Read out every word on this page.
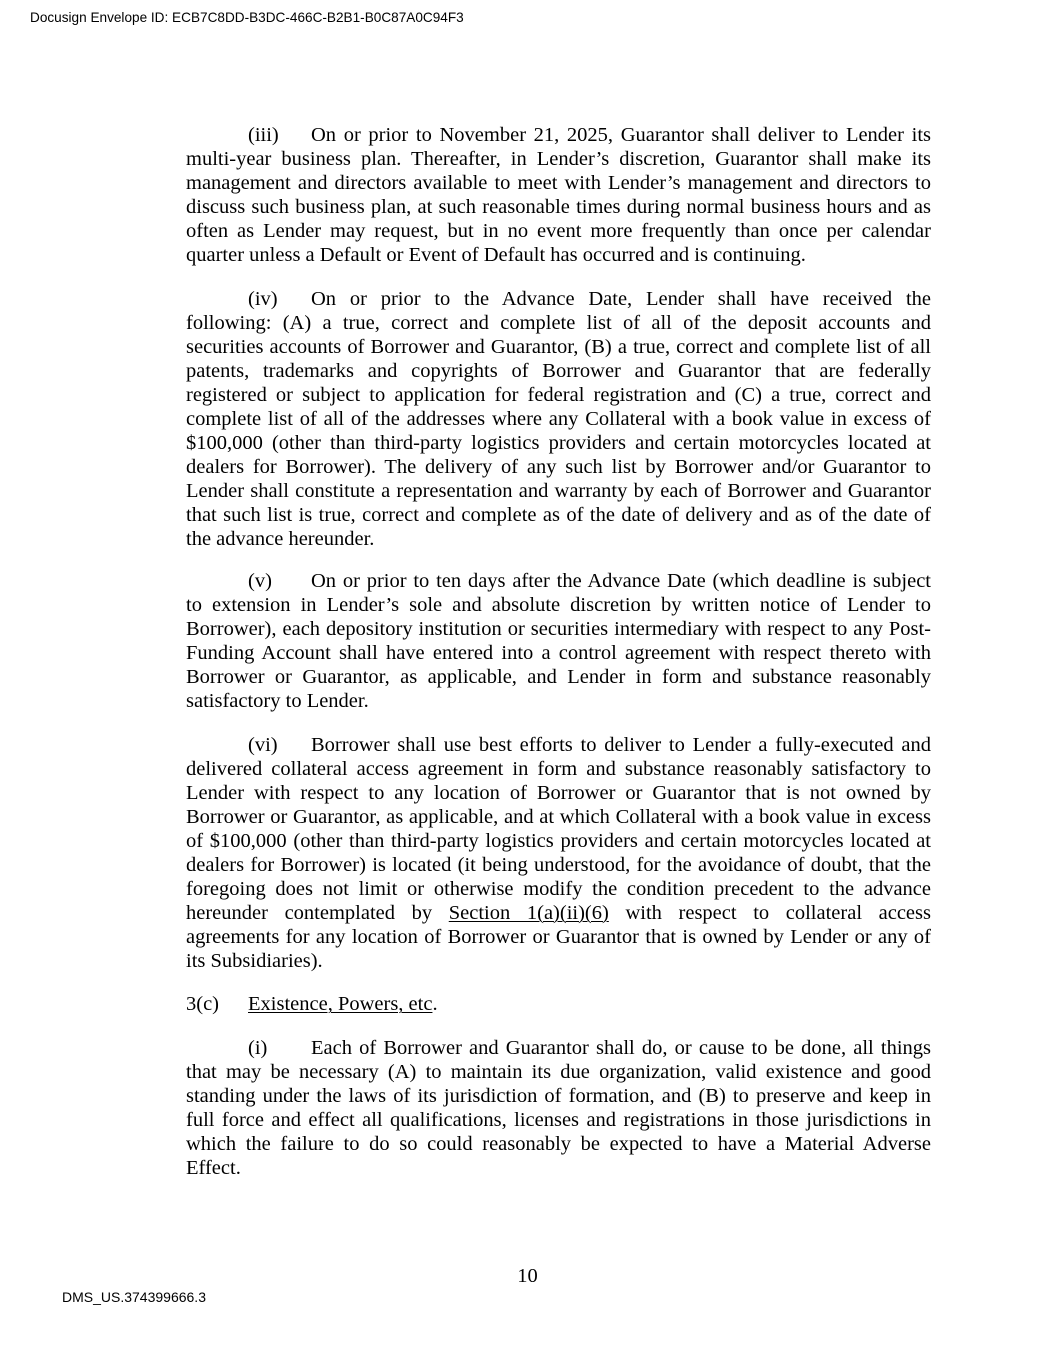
Docusign Envelope ID: ECB7C8DD-B3DC-466C-B2B1-B0C87A0C94F3
(iii) On or prior to November 21, 2025, Guarantor shall deliver to Lender its
multi-year business plan. Thereafter, in Lender’s discretion, Guarantor shall make its
management and directors available to meet with Lender’s management and directors to
discuss such business plan, at such reasonable times during normal business hours and as
often as Lender may request, but in no event more frequently than once per calendar
quarter unless a Default or Event of Default has occurred and is continuing.
(iv) On or prior to the Advance Date, Lender shall have received the
following: (A) a true, correct and complete list of all of the deposit accounts and
securities accounts of Borrower and Guarantor, (B) a true, correct and complete list of all
patents, trademarks and copyrights of Borrower and Guarantor that are federally
registered or subject to application for federal registration and (C) a true, correct and
complete list of all of the addresses where any Collateral with a book value in excess of
$100,000 (other than third-party logistics providers and certain motorcycles located at
dealers for Borrower). The delivery of any such list by Borrower and/or Guarantor to
Lender shall constitute a representation and warranty by each of Borrower and Guarantor
that such list is true, correct and complete as of the date of delivery and as of the date of
the advance hereunder.
(v) On or prior to ten days after the Advance Date (which deadline is subject
to extension in Lender’s sole and absolute discretion by written notice of Lender to
Borrower), each depository institution or securities intermediary with respect to any Post-
Funding Account shall have entered into a control agreement with respect thereto with
Borrower or Guarantor, as applicable, and Lender in form and substance reasonably
satisfactory to Lender.
(vi) Borrower shall use best efforts to deliver to Lender a fully-executed and
delivered collateral access agreement in form and substance reasonably satisfactory to
Lender with respect to any location of Borrower or Guarantor that is not owned by
Borrower or Guarantor, as applicable, and at which Collateral with a book value in excess
of $100,000 (other than third-party logistics providers and certain motorcycles located at
dealers for Borrower) is located (it being understood, for the avoidance of doubt, that the
foregoing does not limit or otherwise modify the condition precedent to the advance
hereunder contemplated by Section 1(a)(ii)(6) with respect to collateral access
agreements for any location of Borrower or Guarantor that is owned by Lender or any of
its Subsidiaries).
3(c) Existence, Powers, etc.
(i) Each of Borrower and Guarantor shall do, or cause to be done, all things
that may be necessary (A) to maintain its due organization, valid existence and good
standing under the laws of its jurisdiction of formation, and (B) to preserve and keep in
full force and effect all qualifications, licenses and registrations in those jurisdictions in
which the failure to do so could reasonably be expected to have a Material Adverse
Effect.
10
DMS_US.374399666.3
